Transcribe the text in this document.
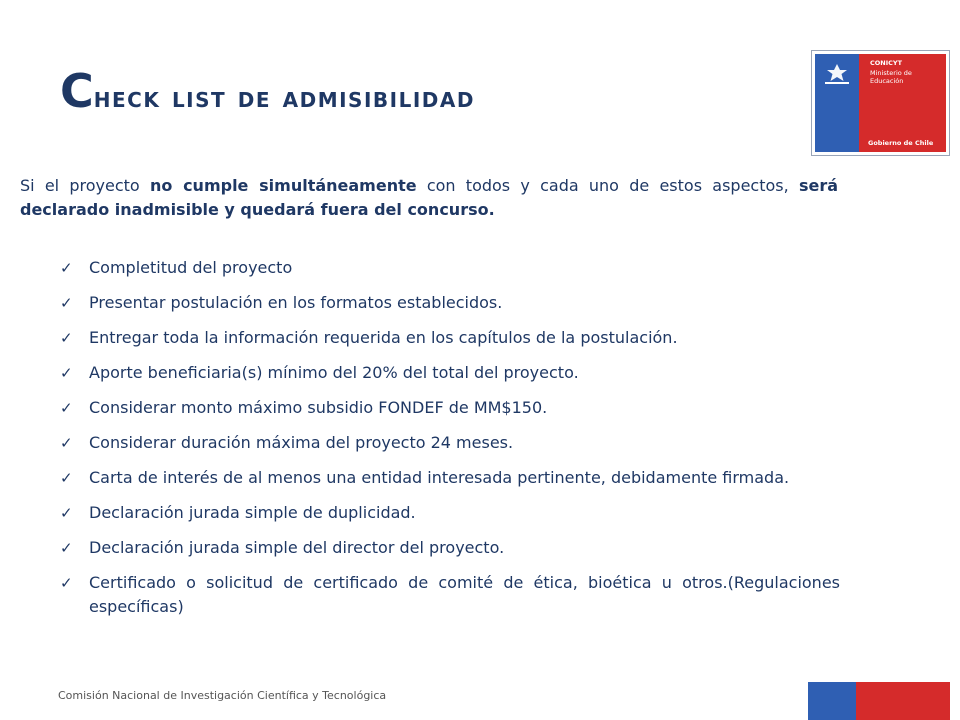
Check list de admisibilidad
CONICYT
Ministerio de Educación
Gobierno de Chile
Si el proyecto no cumple simultáneamente con todos y cada uno de estos aspectos, será declarado inadmisible y quedará fuera del concurso.
✓ Completitud del proyecto
✓ Presentar postulación en los formatos establecidos.
✓ Entregar toda la información requerida en los capítulos de la postulación.
✓ Aporte beneficiaria(s) mínimo del 20% del total del proyecto.
✓ Considerar monto máximo subsidio FONDEF de MM$150.
✓ Considerar duración máxima del proyecto 24 meses.
✓ Carta de interés de al menos una entidad interesada pertinente, debidamente firmada.
✓ Declaración jurada simple de duplicidad.
✓ Declaración jurada simple del director del proyecto.
✓ Certificado o solicitud de certificado de comité de ética, bioética u otros.(Regulaciones específicas)
Comisión Nacional de Investigación Científica y Tecnológica
